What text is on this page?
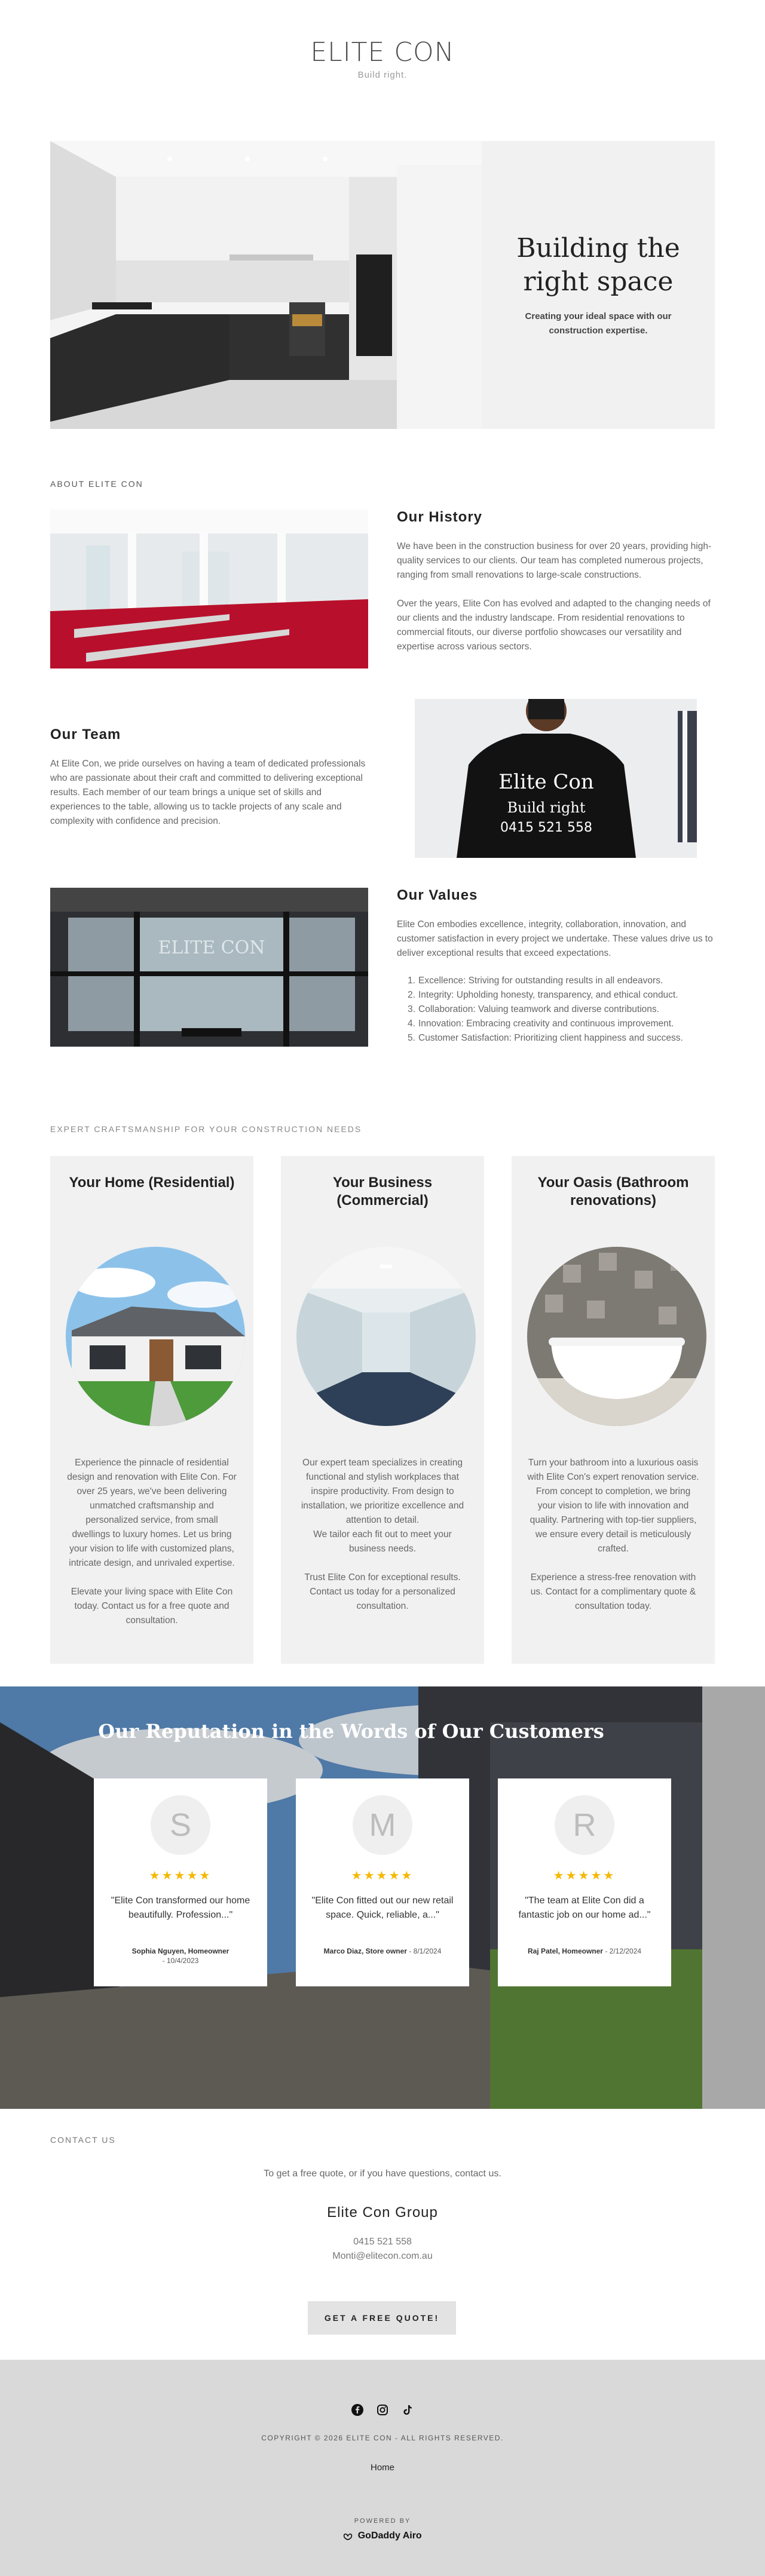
ELITE CON
Build right.
Building the right space

Creating your ideal space with our construction expertise.

ABOUT ELITE CON
Our History

We have been in the construction business for over 20 years, providing high-quality services to our clients. Our team has completed numerous projects, ranging from small renovations to large-scale constructions.

Over the years, Elite Con has evolved and adapted to the changing needs of our clients and the industry landscape. From residential renovations to commercial fitouts, our diverse portfolio showcases our versatility and expertise across various sectors.

Our Team
At Elite Con, we pride ourselves on having a team of dedicated professionals who are passionate about their craft and committed to delivering exceptional results. Each member of our team brings a unique set of skills and experiences to the table, allowing us to tackle projects of any scale and complexity with confidence and precision.
Elite Con
Build right
0415 521 558
ELITE CON
Our Values

Elite Con embodies excellence, integrity, collaboration, innovation, and customer satisfaction in every project we undertake. These values drive us to deliver exceptional results that exceed expectations.

1. Excellence: Striving for outstanding results in all endeavors.
2. Integrity: Upholding honesty, transparency, and ethical conduct.
3. Collaboration: Valuing teamwork and diverse contributions.
4. Innovation: Embracing creativity and continuous improvement.
5. Customer Satisfaction: Prioritizing client happiness and success.
EXPERT CRAFTSMANSHIP FOR YOUR CONSTRUCTION NEEDS
Your Home (Residential)

Experience the pinnacle of residential design and renovation with Elite Con. For over 25 years, we've been delivering unmatched craftsmanship and personalized service, from small dwellings to luxury homes. Let us bring your vision to life with customized plans, intricate design, and unrivaled expertise.

Elevate your living space with Elite Con today. Contact us for a free quote and consultation.

Your Business (Commercial)

Our expert team specializes in creating functional and stylish workplaces that inspire productivity. From design to installation, we prioritize excellence and attention to detail.
We tailor each fit out to meet your business needs.

Trust Elite Con for exceptional results. Contact us today for a personalized consultation.

Your Oasis (Bathroom renovations)

Turn your bathroom into a luxurious oasis with Elite Con's expert renovation service. From concept to completion, we bring your vision to life with innovation and quality. Partnering with top-tier suppliers, we ensure every detail is meticulously crafted.

Experience a stress-free renovation with us. Contact for a complimentary quote & consultation today.

Our Reputation in the Words of Our Customers
S
★★★★★

"Elite Con transformed our home beautifully. Profession..."

Sophia Nguyen, Homeowner
- 10/4/2023
M
★★★★★

"Elite Con fitted out our new retail space. Quick, reliable, a..."

Marco Diaz, Store owner - 8/1/2024
R
★★★★★

"The team at Elite Con did a fantastic job on our home ad..."

Raj Patel, Homeowner - 2/12/2024
CONTACT US
To get a free quote, or if you have questions, contact us.
Elite Con Group
0415 521 558
Monti@elitecon.com.au
GET A FREE QUOTE!
COPYRIGHT © 2026 ELITE CON - ALL RIGHTS RESERVED.
Home
POWERED BY
GoDaddy Airo
